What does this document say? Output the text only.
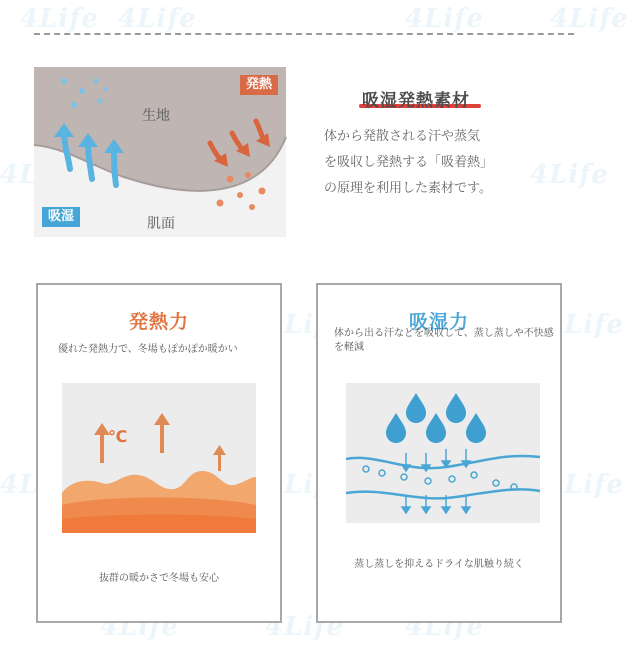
4Life 4Life	4Life	4Life
4Life
4Life	4Life
4Life	4Life
4Life	4Life 4Life
発熱
生地
吸湿	肌面
吸湿発熱素材
体から発散される汗や蒸気
を吸収し発熱する「吸着熱」
の原理を利用した素材です。
発熱力
優れた発熱力で、冬場もぽかぽか暖かい
℃
抜群の暖かさで冬場も安心
吸湿力
体から出る汗などを吸収して、蒸し蒸しや不快感を軽減
蒸し蒸しを抑えるドライな肌触り続く
